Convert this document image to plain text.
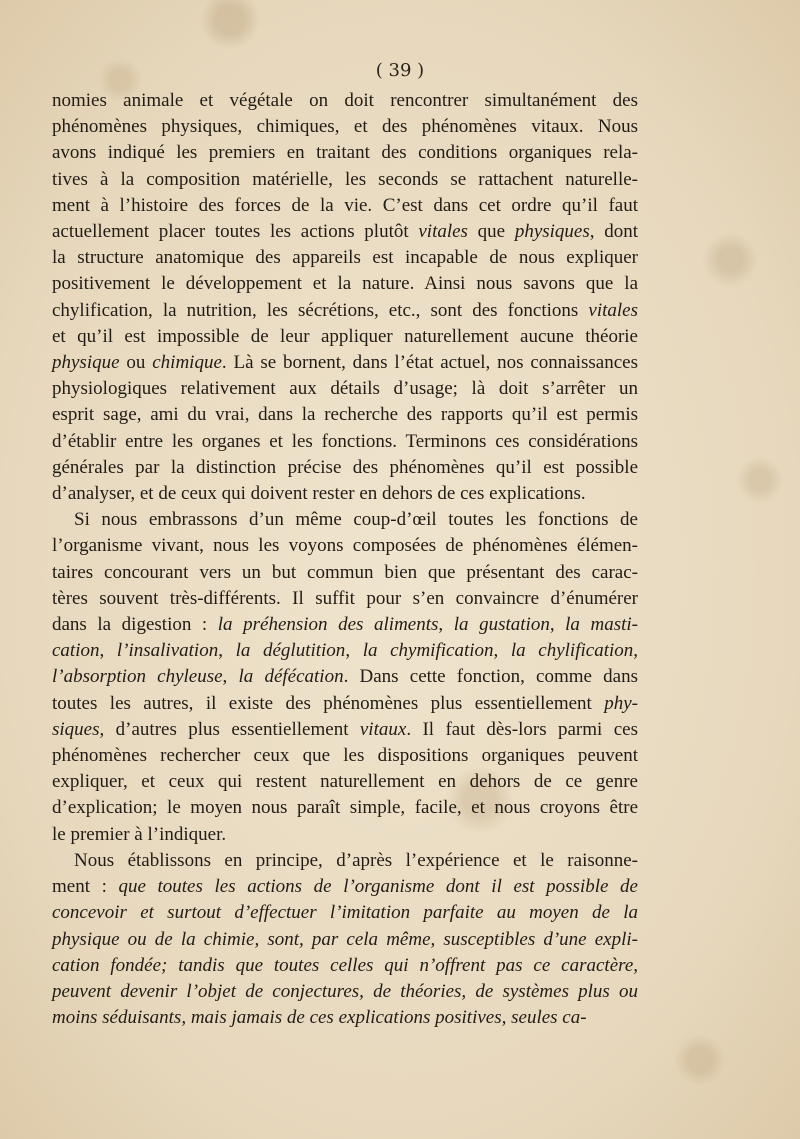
( 39 )

nomies animale et végétale on doit rencontrer simultanément des

phénomènes physiques, chimiques, et des phénomènes vitaux. Nous

avons indiqué les premiers en traitant des conditions organiques rela-

tives à la composition matérielle, les seconds se rattachent naturelle-

ment à l’histoire des forces de la vie. C’est dans cet ordre qu’il faut

actuellement placer toutes les actions plutôt vitales que physiques, dont

la structure anatomique des appareils est incapable de nous expliquer

positivement le développement et la nature. Ainsi nous savons que la

chylification, la nutrition, les sécrétions, etc., sont des fonctions vitales

et qu’il est impossible de leur appliquer naturellement aucune théorie

physique ou chimique. Là se bornent, dans l’état actuel, nos connaissances

physiologiques relativement aux détails d’usage; là doit s’arrêter un

esprit sage, ami du vrai, dans la recherche des rapports qu’il est permis

d’établir entre les organes et les fonctions. Terminons ces considérations

générales par la distinction précise des phénomènes qu’il est possible

d’analyser, et de ceux qui doivent rester en dehors de ces explications.

Si nous embrassons d’un même coup-d’œil toutes les fonctions de

l’organisme vivant, nous les voyons composées de phénomènes élémen-

taires concourant vers un but commun bien que présentant des carac-

tères souvent très-différents. Il suffit pour s’en convaincre d’énumérer

dans la digestion : la préhension des aliments, la gustation, la masti-

cation, l’insalivation, la déglutition, la chymification, la chylification,

l’absorption chyleuse, la défécation. Dans cette fonction, comme dans

toutes les autres, il existe des phénomènes plus essentiellement phy-

siques, d’autres plus essentiellement vitaux. Il faut dès-lors parmi ces

phénomènes rechercher ceux que les dispositions organiques peuvent

expliquer, et ceux qui restent naturellement en dehors de ce genre

d’explication; le moyen nous paraît simple, facile, et nous croyons être

le premier à l’indiquer.

Nous établissons en principe, d’après l’expérience et le raisonne-

ment : que toutes les actions de l’organisme dont il est possible de

concevoir et surtout d’effectuer l’imitation parfaite au moyen de la

physique ou de la chimie, sont, par cela même, susceptibles d’une expli-

cation fondée; tandis que toutes celles qui n’offrent pas ce caractère,

peuvent devenir l’objet de conjectures, de théories, de systèmes plus ou

moins séduisants, mais jamais de ces explications positives, seules ca-
